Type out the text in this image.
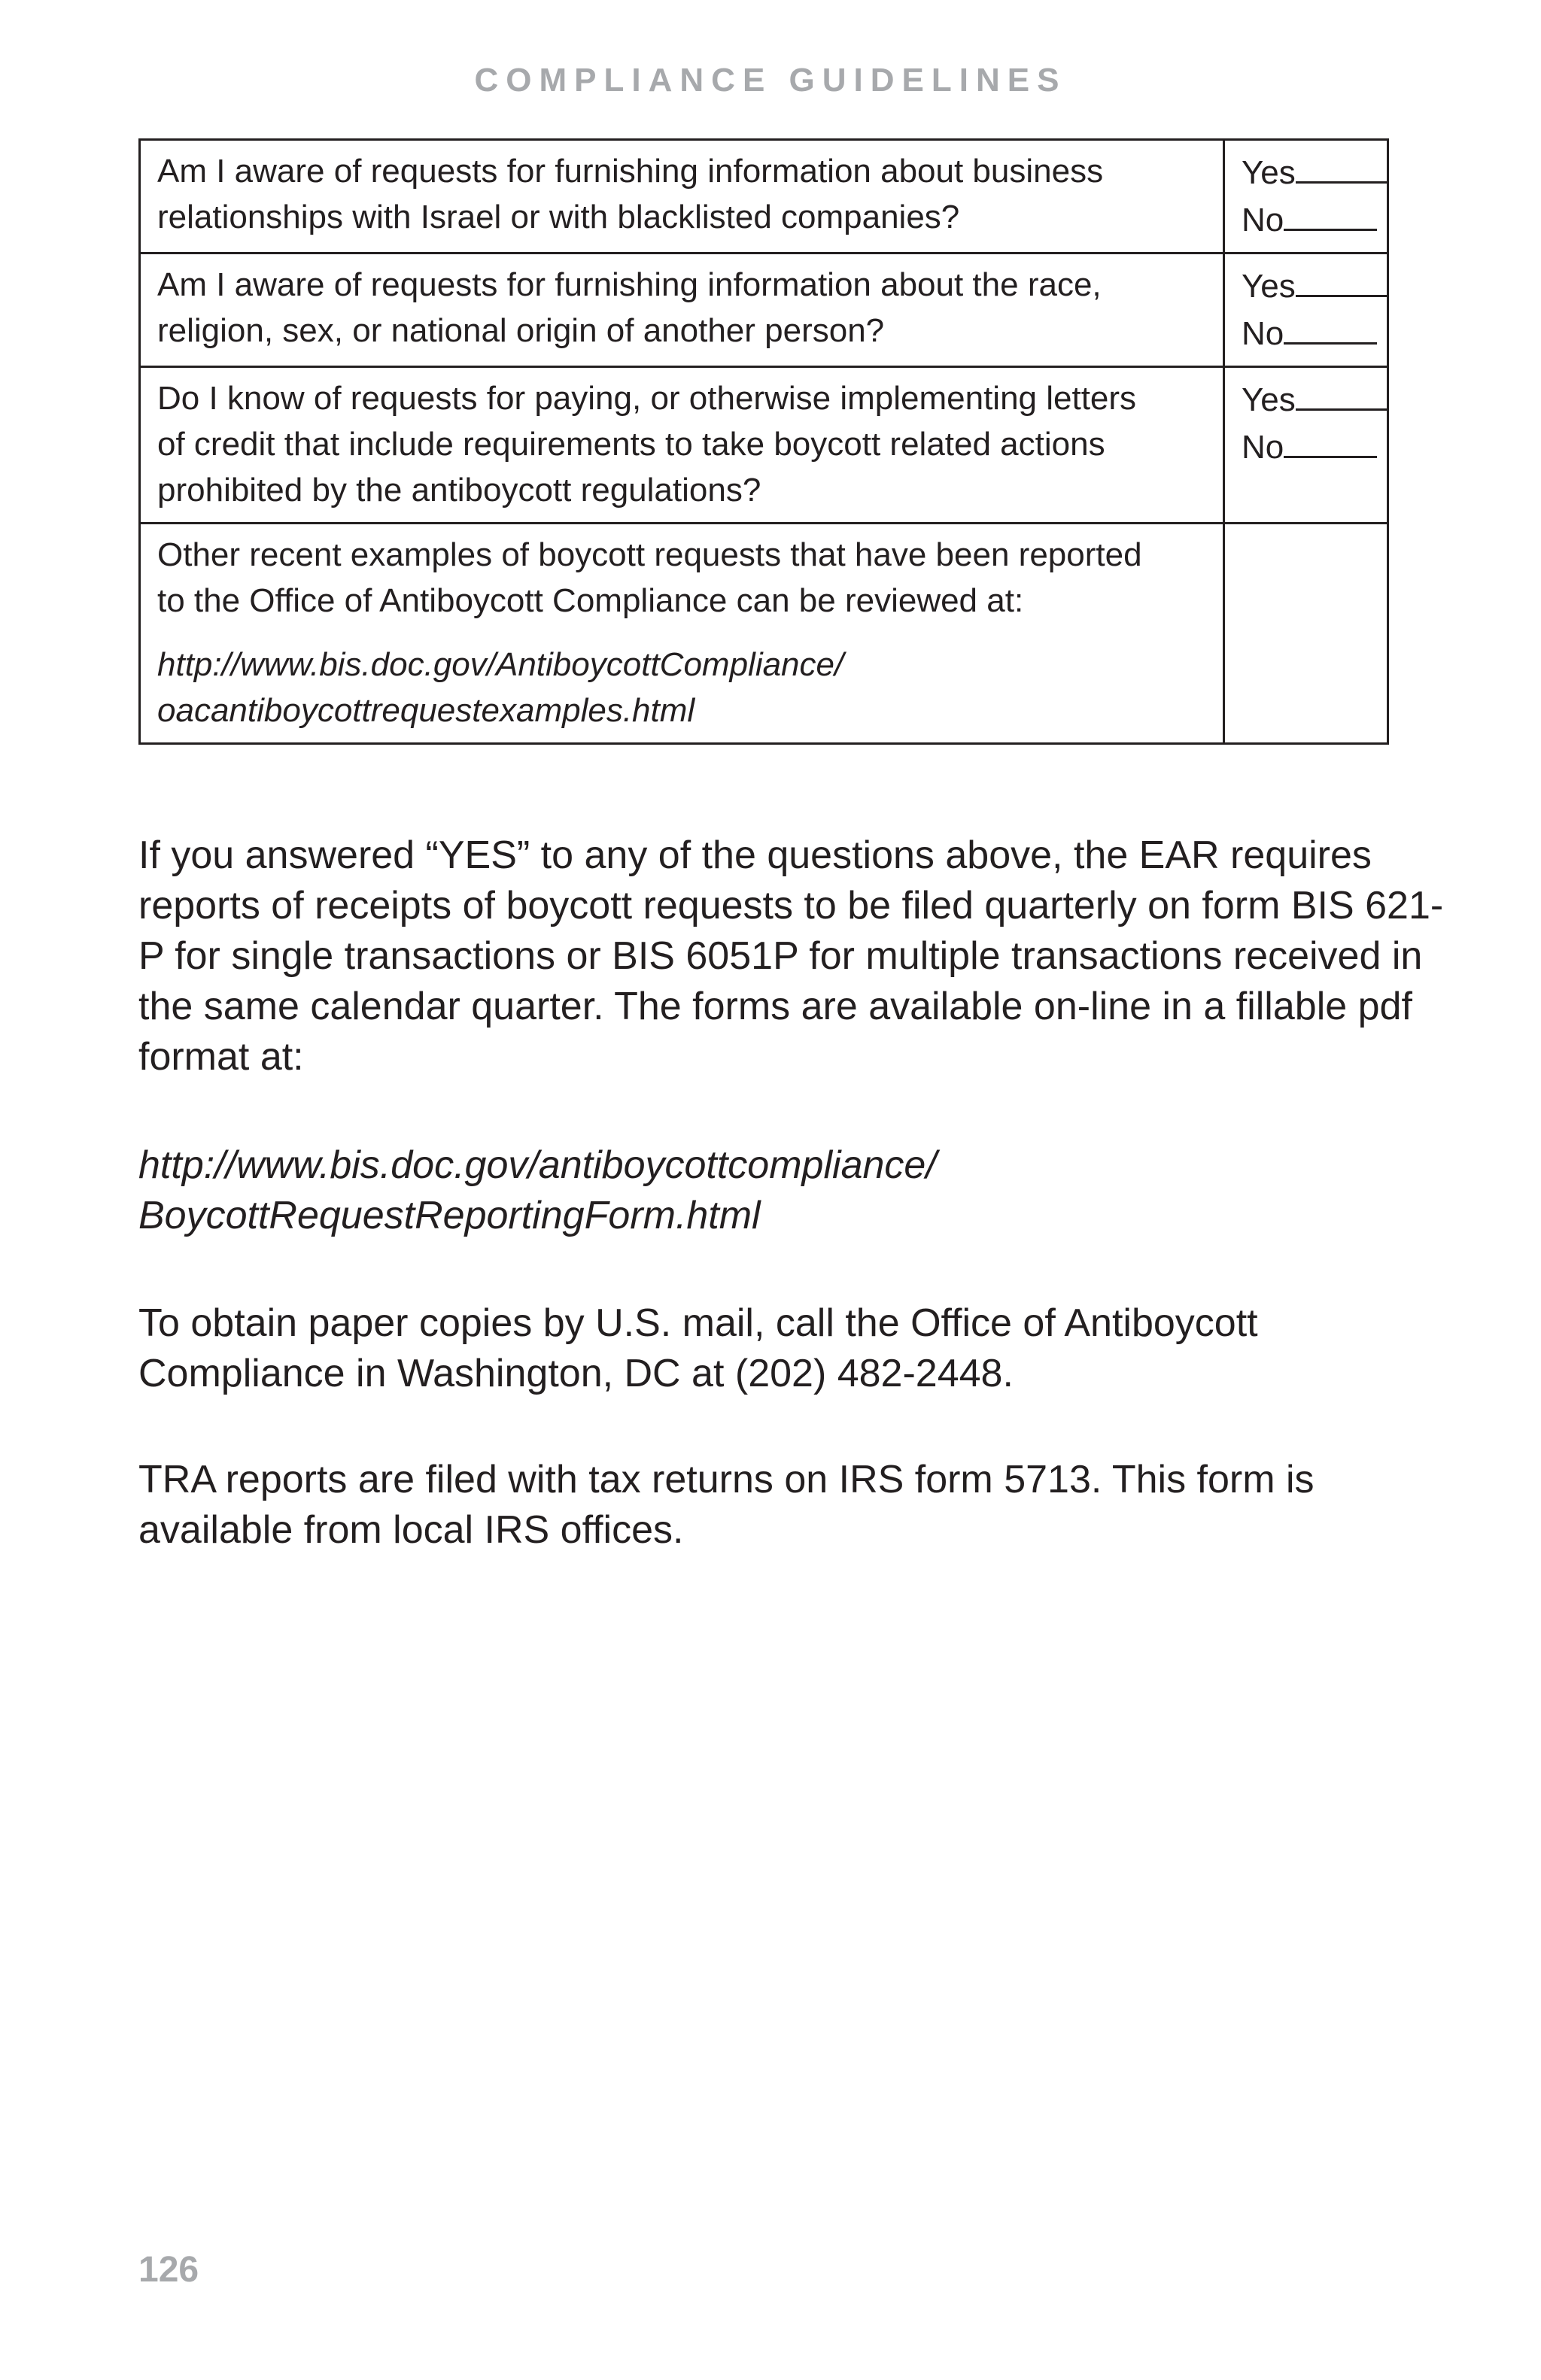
COMPLIANCE GUIDELINES
Am I aware of requests for furnishing information about business
relationships with Israel or with blacklisted companies?	Yes
No

Am I aware of requests for furnishing information about the race,
religion, sex, or national origin of another person?	Yes
No

Do I know of requests for paying, or otherwise implementing letters
of credit that include requirements to take boycott related actions
prohibited by the antiboycott regulations?	Yes
No

Other recent examples of boycott requests that have been reported
to the Office of Antiboycott Compliance can be reviewed at:
http://www.bis.doc.gov/AntiboycottCompliance/
oacantiboycottrequestexamples.html	

If you answered “YES” to any of the questions above, the EAR requires
reports of receipts of boycott requests to be filed quarterly on form BIS 621-
P for single transactions or BIS 6051P for multiple transactions received in
the same calendar quarter. The forms are available on-line in a fillable pdf
format at:
http://www.bis.doc.gov/antiboycottcompliance/
BoycottRequestReportingForm.html
To obtain paper copies by U.S. mail, call the Office of Antiboycott
Compliance in Washington, DC at (202) 482-2448.
TRA reports are filed with tax returns on IRS form 5713. This form is
available from local IRS offices.
126
